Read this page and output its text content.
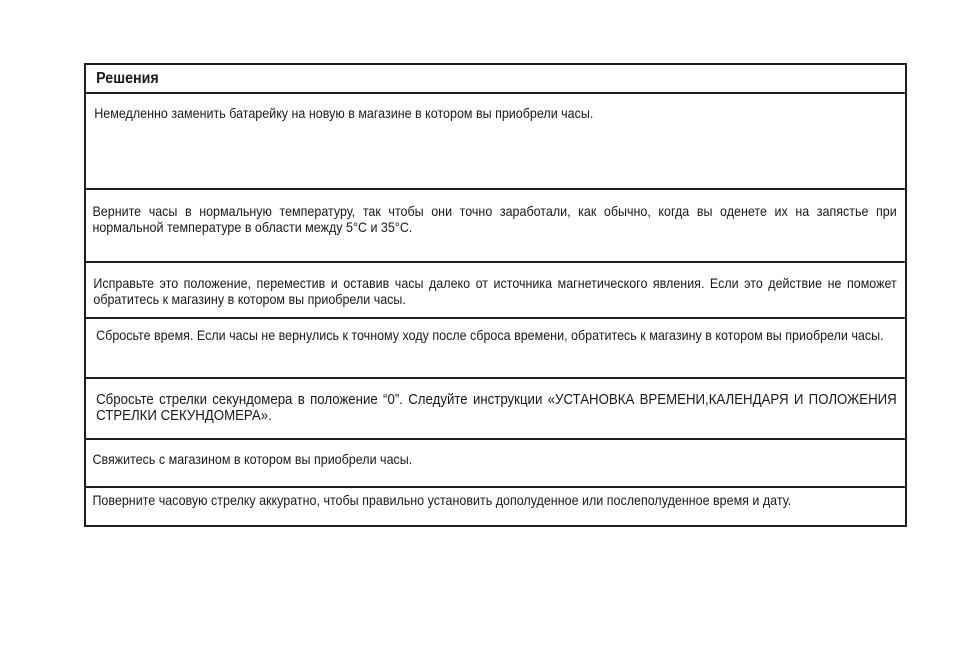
Решения
Немедленно заменить батарейку на новую в магазине в котором вы приобрели часы.
Верните часы в нормальную температуру, так чтобы они точно заработали, как обычно, когда вы оденете их на запястье при нормальной температуре в области между 5°C и 35°C.
Исправьте это положение, переместив и оставив часы далеко от источника магнетического явления. Если это действие не поможет обратитесь к магазину в котором вы приобрели часы.
Сбросьте время. Если часы не вернулись к точному ходу после сброса времени, обратитесь к магазину в котором вы приобрели часы.
Сбросьте стрелки секундомера в положение “0”. Следуйте инструкции «УСТАНОВКА ВРЕМЕНИ,КАЛЕНДАРЯ И ПОЛОЖЕНИЯ СТРЕЛКИ СЕКУНДОМЕРА».
Свяжитесь с магазином в котором вы приобрели часы.
Поверните часовую стрелку аккуратно, чтобы правильно установить дополуденное или послеполуденное время и дату.
